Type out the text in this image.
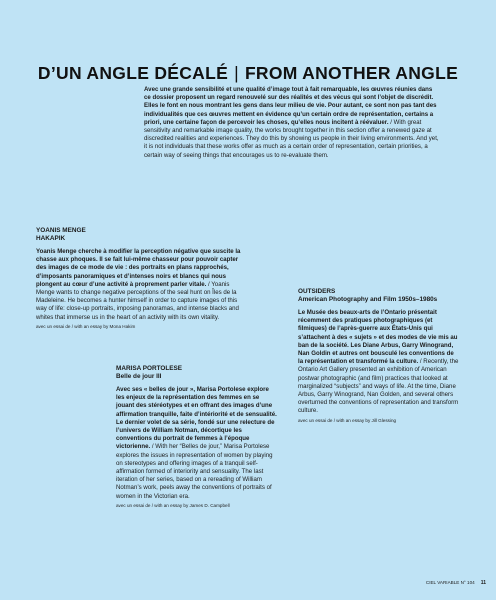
D’UN ANGLE DÉCALÉ | FROM ANOTHER ANGLE
Avec une grande sensibilité et une qualité d’image tout à fait remarquable, les œuvres réunies dans ce dossier proposent un regard renouvelé sur des réalités et des vécus qui sont l’objet de discrédit. Elles le font en nous montrant les gens dans leur milieu de vie. Pour autant, ce sont non pas tant des individualités que ces œuvres mettent en évidence qu’un certain ordre de représentation, certains a priori, une certaine façon de percevoir les choses, qu’elles nous incitent à réévaluer. / With great sensitivity and remarkable image quality, the works brought together in this section offer a renewed gaze at discredited realities and experiences. They do this by showing us people in their living environments. And yet, it is not individuals that these works offer as much as a certain order of representation, certain priorities, a certain way of seeing things that encourages us to re-evaluate them.
YOANIS MENGE
HAKAPIK
Yoanis Menge cherche à modifier la perception négative que suscite la chasse aux phoques. Il se fait lui-même chasseur pour pouvoir capter des images de ce mode de vie : des portraits en plans rapprochés, d’imposants panoramiques et d’intenses noirs et blancs qui nous plongent au cœur d’une activité à proprement parler vitale. / Yoanis Menge wants to change negative perceptions of the seal hunt on Îles de la Madeleine. He becomes a hunter himself in order to capture images of this way of life: close-up portraits, imposing panoramas, and intense blacks and whites that immerse us in the heart of an activity with its own vitality.
avec un essai de / with an essay by Mona Hakim
OUTSIDERS
American Photography and Film 1950s–1980s
Le Musée des beaux-arts de l’Ontario présentait récemment des pratiques photographiques (et filmiques) de l’après-guerre aux États-Unis qui s’attachent à des « sujets » et des modes de vie mis au ban de la société. Les Diane Arbus, Garry Winogrand, Nan Goldin et autres ont bousculé les conventions de la représentation et transformé la culture. / Recently, the Ontario Art Gallery presented an exhibition of American postwar photographic (and film) practices that looked at marginalized “subjects” and ways of life. At the time, Diane Arbus, Garry Winogrand, Nan Golden, and several others overturned the conventions of representation and transform culture.
avec un essai de / with an essay by Jill Glessing
MARISA PORTOLESE
Belle de jour III
Avec ses « belles de jour », Marisa Portolese explore les enjeux de la représentation des femmes en se jouant des stéréotypes et en offrant des images d’une affirmation tranquille, faite d’intériorité et de sensualité. Le dernier volet de sa série, fondé sur une relecture de l’univers de William Notman, décortique les conventions du portrait de femmes à l’époque victorienne. / With her “Belles de jour,” Marisa Portolese explores the issues in representation of women by playing on stereotypes and offering images of a tranquil self-affirmation formed of interiority and sensuality. The last iteration of her series, based on a rereading of William Notman’s work, peels away the conventions of portraits of women in the Victorian era.
avec un essai de / with an essay by James D. Campbell
CIEL VARIABLE N° 104 11
